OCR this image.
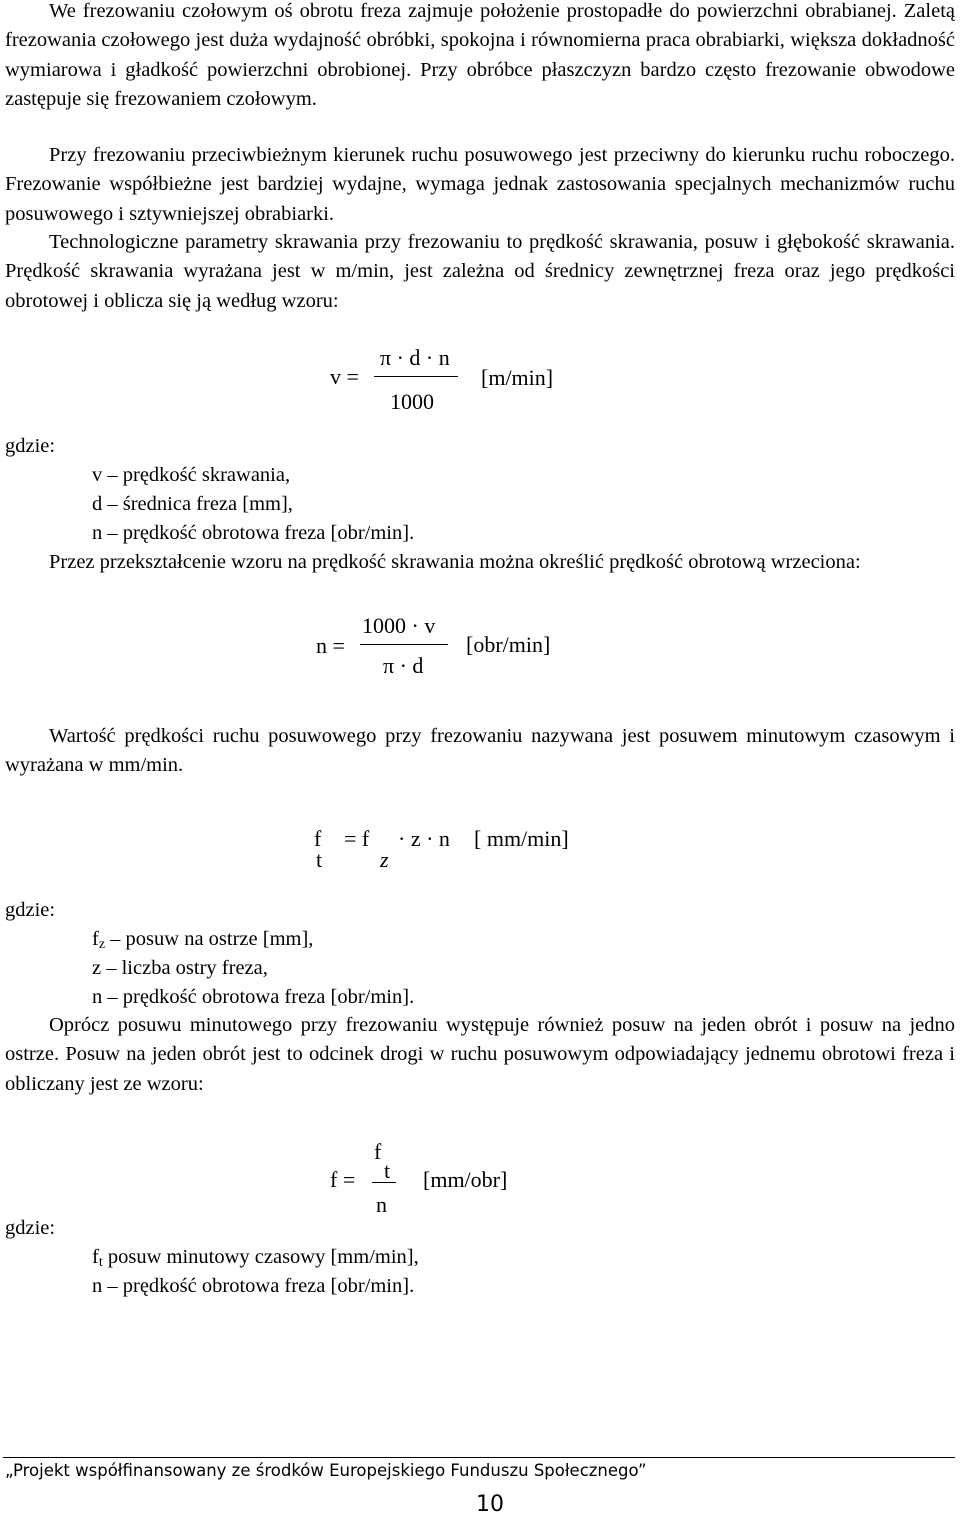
We frezowaniu czołowym oś obrotu freza zajmuje położenie prostopadłe do powierzchni obrabianej. Zaletą frezowania czołowego jest duża wydajność obróbki, spokojna i równomierna praca obrabiarki, większa dokładność wymiarowa i gładkość powierzchni obrobionej. Przy obróbce płaszczyzn bardzo często frezowanie obwodowe zastępuje się frezowaniem czołowym.

Przy frezowaniu przeciwbieżnym kierunek ruchu posuwowego jest przeciwny do kierunku ruchu roboczego. Frezowanie współbieżne jest bardziej wydajne, wymaga jednak zastosowania specjalnych mechanizmów ruchu posuwowego i sztywniejszej obrabiarki.

Technologiczne parametry skrawania przy frezowaniu to prędkość skrawania, posuw i głębokość skrawania. Prędkość skrawania wyrażana jest w m/min, jest zależna od średnicy zewnętrznej freza oraz jego prędkości obrotowej i oblicza się ją według wzoru:

v =
π · d · n
1000
[m/min]

gdzie:

v – prędkość skrawania,

d – średnica freza [mm],

n – prędkość obrotowa freza [obr/min].

Przez przekształcenie wzoru na prędkość skrawania można określić prędkość obrotową wrzeciona:

n =
1000 · v
π · d
[obr/min]

Wartość prędkości ruchu posuwowego przy frezowaniu nazywana jest posuwem minutowym czasowym i wyrażana w mm/min.

f
t
= f
z
· z · n [ mm/min]

gdzie:

$f_z$ – posuw na ostrze [mm],

z – liczba ostry freza,

n – prędkość obrotowa freza [obr/min].

Oprócz posuwu minutowego przy frezowaniu występuje również posuw na jeden obrót i posuw na jedno ostrze. Posuw na jeden obrót jest to odcinek drogi w ruchu posuwowym odpowiadający jednemu obrotowi freza i obliczany jest ze wzoru:

f =
f
t
n
[mm/obr]

gdzie:

$f_t$ posuw minutowy czasowy [mm/min],

n – prędkość obrotowa freza [obr/min].

„Projekt współfinansowany ze środków Europejskiego Funduszu Społecznego”
10
